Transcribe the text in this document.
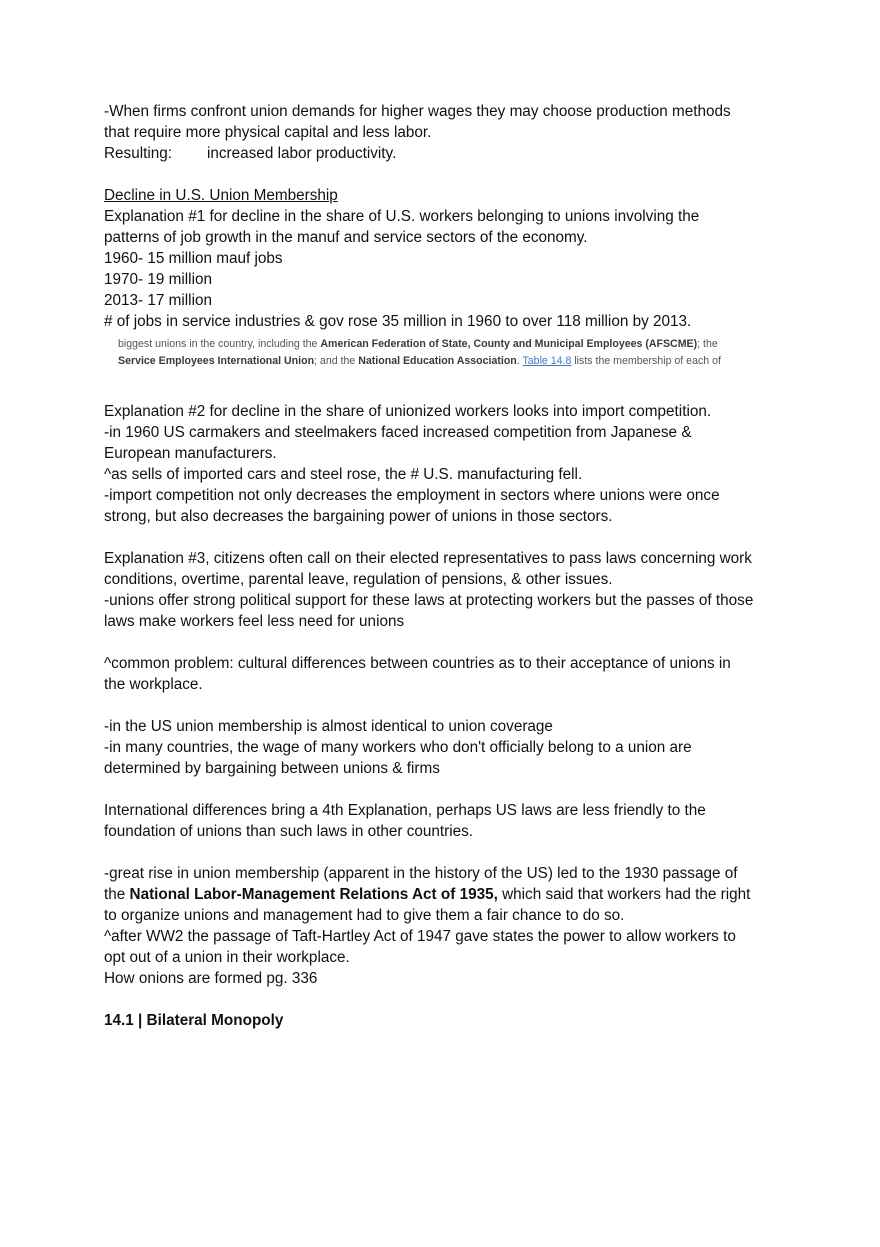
-When firms confront union demands for higher wages they may choose production methods
that require more physical capital and less labor.
Resulting: increased labor productivity.
Decline in U.S. Union Membership
Explanation #1 for decline in the share of U.S. workers belonging to unions involving the
patterns of job growth in the manuf and service sectors of the economy.
1960- 15 million mauf jobs
1970- 19 million
2013- 17 million
# of jobs in service industries & gov rose 35 million in 1960 to over 118 million by 2013.
biggest unions in the country, including the American Federation of State, County and Municipal Employees (AFSCME); the
Service Employees International Union; and the National Education Association. Table 14.8 lists the membership of each of
Explanation #2 for decline in the share of unionized workers looks into import competition.
-in 1960 US carmakers and steelmakers faced increased competition from Japanese &
European manufacturers.
^as sells of imported cars and steel rose, the # U.S. manufacturing fell.
-import competition not only decreases the employment in sectors where unions were once
strong, but also decreases the bargaining power of unions in those sectors.
Explanation #3, citizens often call on their elected representatives to pass laws concerning work
conditions, overtime, parental leave, regulation of pensions, & other issues.
-unions offer strong political support for these laws at protecting workers but the passes of those
laws make workers feel less need for unions
^common problem: cultural differences between countries as to their acceptance of unions in
the workplace.
-in the US union membership is almost identical to union coverage
-in many countries, the wage of many workers who don't officially belong to a union are
determined by bargaining between unions & firms
International differences bring a 4th Explanation, perhaps US laws are less friendly to the
foundation of unions than such laws in other countries.
-great rise in union membership (apparent in the history of the US) led to the 1930 passage of
the National Labor-Management Relations Act of 1935, which said that workers had the right
to organize unions and management had to give them a fair chance to do so.
^after WW2 the passage of Taft-Hartley Act of 1947 gave states the power to allow workers to
opt out of a union in their workplace.
How onions are formed pg. 336
14.1 | Bilateral Monopoly
